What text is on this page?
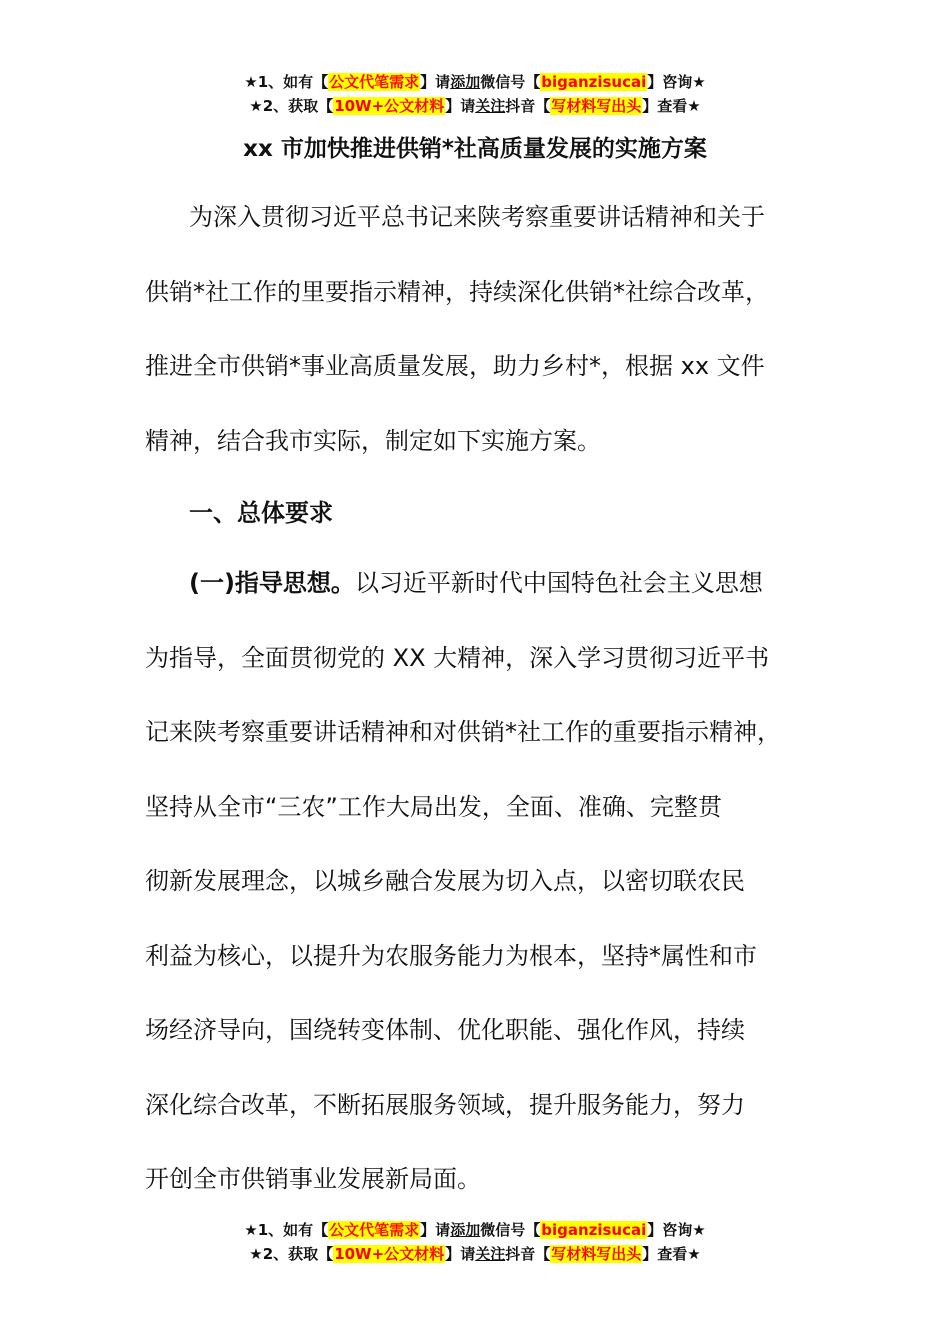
★1、如有【公文代笔需求】请添加微信号【biganzisucai】咨询★
★2、获取【10W+公文材料】请关注抖音【写材料写出头】查看★
xx 市加快推进供销*社高质量发展的实施方案
为深入贯彻习近平总书记来陕考察重要讲话精神和关于
供销*社工作的里要指示精神，持续深化供销*社综合改革，
推进全市供销*事业高质量发展，助力乡村*，根据 xx 文件
精神，结合我市实际，制定如下实施方案。
一、总体要求
(一)指导思想。以习近平新时代中国特色社会主义思想
为指导，全面贯彻党的 XX 大精神，深入学习贯彻习近平书
记来陕考察重要讲话精神和对供销*社工作的重要指示精神，
坚持从全市“三农”工作大局出发，全面、准确、完整贯
彻新发展理念，以城乡融合发展为切入点，以密切联农民
利益为核心，以提升为农服务能力为根本，坚持*属性和市
场经济导向，国绕转变体制、优化职能、强化作风，持续
深化综合改革，不断拓展服务领域，提升服务能力，努力
开创全市供销事业发展新局面。
★1、如有【公文代笔需求】请添加微信号【biganzisucai】咨询★
★2、获取【10W+公文材料】请关注抖音【写材料写出头】查看★
